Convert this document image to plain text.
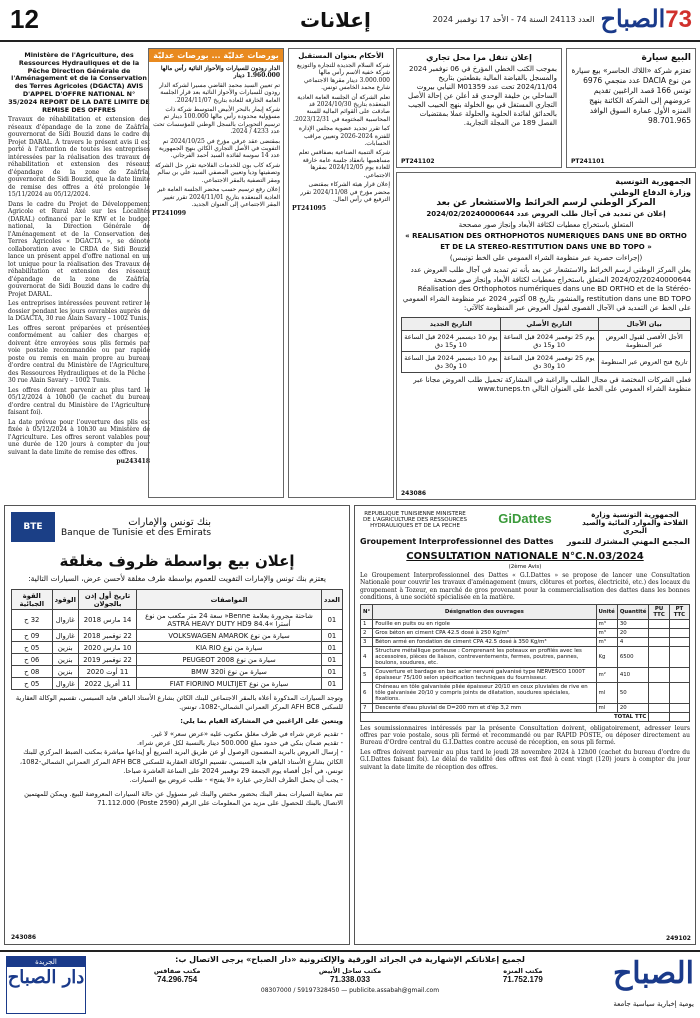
12	إعلانات	73الصباح
العدد 24113 السنة 74 - الأحد 17 نوفمبر 2024
Ministère de l'Agriculture, des Ressources Hydrauliques et de la Pêche Direction Générale de l'Aménagement et de la Conservation des Terres Agricoles (DGACTA) AVIS D'APPEL D'OFFRE NATIONAL N° 35/2024 REPORT DE LA DATE LIMITE DE REMISE DES OFFRES

Travaux de réhabilitation et extension des réseaux d'épandage de la zone de Zaâfrîa, gouvernorat de Sidi Bouzid dans le cadre du Projet DARAL. À travers le présent avis il est porté à l'attention de toutes les entreprises intéressées par la réalisation des travaux de réhabilitation et extension des réseaux d'épandage de la zone de Zaâfrîa, gouvernorat de Sidi Bouzid, que la date limite de remise des offres a été prolongée le 15/11/2024 au 05/12/2024.

Dans le cadre du Projet de Développement Agricole et Rural Axé sur les Localités (DARAL) cofinancé par le KfW et le budget national, la Direction Générale de l'Aménagement et de la Conservation des Terres Agricoles « DGACTA », se dénote collaboration avec le CRDA de Sidi Bouzid lance un présent appel d'offre national en un lot unique pour la réalisation des Travaux de réhabilitation et extension des réseaux d'épandage de la zone de Zaâfrîa, gouvernorat de Sidi Bouzid dans le cadre du Projet DARAL.

Les entreprises intéressées peuvent retirer le dossier pendant les jours ouvrables auprès de la DGACTA, 30 rue Alain Savary – 1002 Tunis.

Les offres seront préparées et présentées conformément au cahier des charges et doivent être envoyées sous plis fermés par voie postale recommandée ou par rapide poste ou remis en main propre au bureau d'ordre central du Ministère de l'Agriculture, des Ressources Hydrauliques et de la Pêche - 30 rue Alain Savary – 1002 Tunis.

Les offres doivent parvenir au plus tard le 05/12/2024 à 10h00 (le cachet du bureau d'ordre central du Ministère de l'Agriculture faisant foi).

La date prévue pour l'ouverture des plis est fixée à 05/12/2024 à 10h30 au Ministère de l'Agriculture. Les offres seront valables pour une durée de 120 jours à compter du jour suivant la date limite de remise des offres.

pu243418

بورصات عدليّة ... بورصات عدليّة

الدار رودون للسيارات والأحواز النائية رأس مالها 1.960.000 دينار

تم تعيين السيد محمد القاضي مسيرا لشركة الدار رودون للسيارات والأحواز النائية بعد قرار الجلسة العامة الخارقة للعادة بتاريخ 2024/11/07.

شركة إيمار بالبحر الأبيض المتوسط شركة ذات مسؤولية محدودة رأس مالها 100.000 دينار تم ترسيم التحويرات بالسجل الوطني للمؤسسات تحت عدد 4233 / 2024.

بمقتضى عقد عرفي مؤرخ في 2024/10/25 تم التفويت في الأصل التجاري الكائن بنهج الجمهورية عدد 14 سوسة لفائدة السيد أحمد الفرجاني.

شركة كاب بون للخدمات الفلاحية تقرر حل الشركة وتصفيتها وديا وتعيين المصفي السيد علي بن سالم ومقر التصفية بالمقر الاجتماعي.

إعلان رفع ترسيم حسب محضر الجلسة العامة غير العادية المنعقدة بتاريخ 2024/11/01 تقرر تغيير المقر الاجتماعي إلى العنوان الجديد.

PT241099

الأحكام بعنوان المستقبل

شركة السلام الجديدة للتجارة والتوزيع شركة خفية الاسم رأس مالها 3.000.000 دينار مقرها الاجتماعي شارع محمد الخامس تونس.

تعلم الشركة أن الجلسة العامة العادية المنعقدة بتاريخ 2024/10/30 قد صادقت على القوائم المالية للسنة المحاسبية المختومة في 2023/12/31.

كما تقرر تجديد عضوية مجلس الإدارة للفترة 2024-2026 وتعيين مراقب الحسابات.

شركة التنمية الصناعية بصفاقس تعلم مساهميها بانعقاد جلسة عامة خارقة للعادة يوم 2024/12/05 بمقرها الاجتماعي.

إعلان قرار هيئة الشركاء بمقتضى محضر مؤرخ في 2024/11/08 تقرر الترفيع في رأس المال.

PT241095

إعلان تنقل مرا محل تجاري

بموجب الكتب الخطي المؤرخ في 06 نوفمبر 2024 والمسجل بالقباضة المالية بقطعتين بتاريخ 2024/11/04 تحت عدد M01359 النيابي بيروت الساحلي بن خليفة الوحدي قد أعلن عن إحالة الأصل التجاري المستغل في بيع الخلولة بنهج الحبيب الجيب بالحدائق لفائدة الحلوية والحلولة عملا بمقتضيات الفصل 189 من المجلة التجارية.

PT241102
البيع سيارة

تعتزم شركة «اللاك الحاسر» بيع سيارة من نوع DACIA عدد منجمي 6976 تونس 166 قصد الراغبين تقديم عروضهم إلى الشركة الكائنة بنهج المنزه الأول عمارة السوق الوافد 98.701.965

PT241101
الجمهورية التونسية
وزارة الدفاع الوطني
المركز الوطني لرسم الخرائط والاستشعار عن بعد
إعلان عن تمديد في آجال طلب العروض عدد 2024/02/20240000644
المتعلق باستخراج معطيات لكثافة الأبعاد وإنجاز صور مصححة
« REALISATION DES ORTHOPHOTOS NUMERIQUES DANS UNE BD ORTHO
ET DE LA STEREO-RESTITUTION DANS UNE BD TOPO »
(إجراءات حصرية عبر منظومة الشراء العمومي على الخط تونيبس)
يعلن المركز الوطني لرسم الخرائط والاستشعار عن بعد بأنه تم تمديد في آجال طلب العروض عدد 2024/02/20240000644 المتعلق باستخراج معطيات لكثافة الأبعاد وإنجاز صور مصححة Réalisation des Orthophotos numériques dans une BD ORTHO et de la Stéréo-restitution dans une BD TOPO والمنشور بتاريخ 08 أكتوبر 2024 عبر منظومة الشراء العمومي على الخط عن التمديد في الآجال القصوى لقبول العروض عبر المنظومة كالآتي:
بيان الآجال	التاريخ الأصلي	التاريخ الجديد
الأجل الأقصى لقبول العروض عبر المنظومة	يوم 25 نوفمبر 2024 قبل الساعة 10 و15 دق	يوم 10 ديسمبر 2024 قبل الساعة 10 و15 دق
تاريخ فتح العروض عبر المنظومة	يوم 25 نوفمبر 2024 قبل الساعة 10 و30 دق	يوم 10 ديسمبر 2024 قبل الساعة 10 و30 دق
فعلى الشركات المختصة في مجال الطلب والراغبة في المشاركة تحميل طلب العروض مجانا عبر منظومة الشراء العمومي على الخط على العنوان التالي www.tuneps.tn
243086
BTE	بنك تونس والإمارات
Banque de Tunisie et des Emirats
إعلان بيع بواسطة ظروف مغلقة
يعتزم بنك تونس والإمارات التفويت للعموم بواسطة طرف مغلقة لأحسن عرض، السيارات التالية:
العدد	المواصفات	تاريخ أول إذن بالجولان	الوقود	القوة الجبائية
01	شاحنة مجرورة بعلامة Benne« سعة 24 متر مكعب من نوع أسترا »ASTRA HEAVY DUTY HD9 84.4	14 مارس 2018	غازوال	32 ح
01	سيارة من نوع VOLKSWAGEN AMAROK	22 نوفمبر 2018	غازوال	09 ح
01	سيارة من نوع KIA RIO	10 مارس 2020	بنزين	05 ح
01	سيارة من نوع PEUGEOT 2008	22 نوفمبر 2019	بنزين	06 ح
01	سيارة من نوع BMW 320i	11 أوت 2020	بنزين	08 ح
01	سيارة من نوع FIAT FIORINO MULTIJET	11 أفريل 2022	غازوال	05 ح
وتوجد السيارات المذكورة أعلاه بالمقر الاجتماعي للبنك الكائن بشارع الأستاذ الباهي قايد السبسي، تقسيم الوكالة العقارية للسكنى AFH BC8 المركز العمراني الشمالي-1082، تونس.
ويتعين على الراغبين في المشاركة القيام بما يلي:
- تقديم عرض شراء في ظرف مغلق مكتوب عليه «عرض سعر» لا غير.
- تقديم ضمان بنكي في حدود مبلغ 500.000 دينار بالنسبة لكل عرض شراء.
- إرسال العروض بالبريد المضمون الوصول أو عن طريق البريد السريع أو إيداعها مباشرة بمكتب الضبط المركزي للبنك الكائن بشارع الأستاذ الباهي قايد السبسي، تقسيم الوكالة العقارية للسكنى AFH BC8 المركز العمراني الشمالي-1082، تونس، في أجل أقصاه يوم الجمعة 29 نوفمبر 2024 على الساعة العاشرة صباحا.
- يجب أن يحمل الظرف الخارجي عبارة «لا يفتح» - طلب عروض بيع السيارات.
تتم معاينة السيارات بمقر البنك بحضور مختص والبنك غير مسؤول عن حالة السيارات المعروضة للبيع. ويمكن للمهتمين الاتصال بالبنك للحصول على مزيد من المعلومات على الرقم (Poste 2590) 71.112.000
243086
REPUBLIQUE TUNISIENNE MINISTERE DE L'AGRICULTURE DES RESSOURCES HYDRAULIQUES ET DE LA PECHE	GiDattes	الجمهورية التونسية وزارة الفلاحة والموارد المائية والصيد البحري
Groupement Interprofessionnel des Dattes المجمع المهني المشترك للتمور
CONSULTATION NATIONALE N°C.N.03/2024
(2ème Avis)
Le Groupement Interprofessionnel des Dattes « G.I.Dattes » se propose de lancer une Consultation Nationale pour couvrir les travaux d'aménagement (murs, clôtures et portes, électricité, etc.) des locaux du groupement à Tozeur, en marché de gros provenant pour la commercialisation des dattes dans les bonnes conditions, à une société spécialisée en la matière.
N°	Désignation des ouvrages	Unité	Quantité	PU TTC	PT TTC
1	Fouille en puits ou en rigole	m³	30		
2	Gros béton en ciment CPA 42.5 dosé à 250 Kg/m³	m³	20		
3	Béton armé en fondation de ciment CPA 42.5 dosé à 350 Kg/m³	m³	4		
4	Structure métallique porteuse : Comprenant les poteaux en profilés avec les accessoires, pièces de liaison, contreventements, fermes, poutres, pannes, boulons, soudures, etc.	Kg	6500		
5	Couverture et bardage en bac acier nervuré galvanisé type NERVESCO 1000T épaisseur 75/100 selon spécification techniques du fournisseur.	m²	410		
6	Chéneau en tôle galvanisée pliée épaisseur 20/10 en ceux pluviales de rive en tôle galvanisée 20/10 y compris joints de dilatation, soudures spéciales, fixations.	ml	50		
7	Descente d'eau pluvial de D=200 mm et d'ép 3,2 mm	ml	20		
TOTAL TTC					
Les soumissionnaires intéressés par la présente Consultation doivent, obligatoirement, adresser leurs offres par voie postale, sous pli fermé et recommandé ou par RAPID POSTE, ou déposer directement au Bureau d'Ordre central du G.I.Dattes contre accusé de réception, en sous pli fermé.
Les offres doivent parvenir au plus tard le jeudi 28 novembre 2024 à 12h00 (cachet du bureau d'ordre du G.I.Dattes faisant foi). Le délai de validité des offres est fixé à cent vingt (120) jours à compter du jour suivant la date limite de réception des offres.
249102
الجريدة
دار الصباح
لجميع إعلاناتكم الإشهارية في الجرائد الورقية والإلكترونية «دار الصباح» يرجى الاتصال ب:
مكتب المنزه
71.752.179
مكتب ساحل الأبيض
71.338.033
مكتب صفاقس
74.296.754
08307000 / 59197328450 — publicite.assabah@gmail.com	الصباح
يومية إخبارية سياسية جامعة
